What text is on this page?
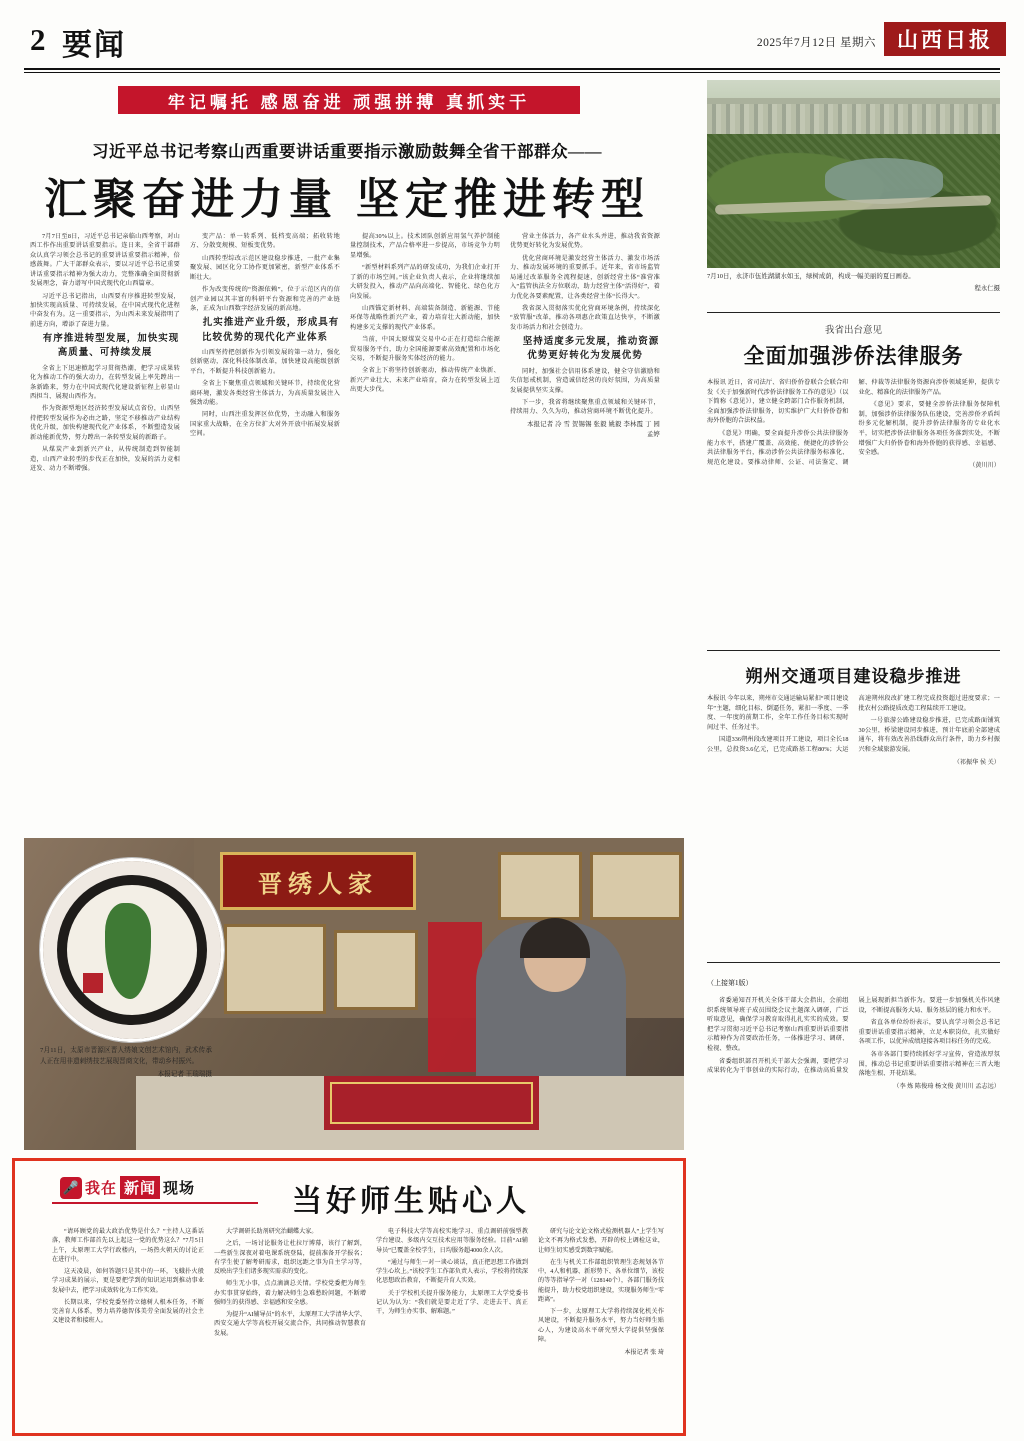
2 要闻	2025年7月12日 星期六	山西日报
牢记嘱托 感恩奋进 顽强拼搏 真抓实干
习近平总书记考察山西重要讲话重要指示激励鼓舞全省干部群众——
汇聚奋进力量 坚定推进转型

7月7日至8日，习近平总书记亲临山西考察，对山西工作作出重要讲话重要指示。连日来，全省干部群众认真学习领会总书记的重要讲话重要指示精神，倍感鼓舞。广大干部群众表示，要以习近平总书记重要讲话重要指示精神为强大动力，完整准确全面贯彻新发展理念，奋力谱写中国式现代化山西篇章。

习近平总书记指出，山西要有序推进转型发展，加快实现高质量、可持续发展，在中国式现代化进程中奋发有为。这一重要指示，为山西未来发展指明了前进方向，增添了奋进力量。

有序推进转型发展，加快实现高质量、可持续发展

全省上下迅速掀起学习贯彻热潮，把学习成果转化为推动工作的强大动力，在转型发展上率先蹚出一条新路来，努力在中国式现代化建设新征程上彰显山西担当、展现山西作为。

作为资源型地区经济转型发展试点省份，山西坚持把转型发展作为必由之路，坚定不移推动产业结构优化升级，加快构建现代化产业体系，不断塑造发展新动能新优势，努力蹚出一条转型发展的新路子。

从煤炭产业到新兴产业，从传统制造到智能制造，山西产业转型的步伐正在加快，发展的活力竞相迸发、动力不断增强。

变产品：单一转系列、低档变高端；拓收转地方、分散变规模、短板变优势。

山西转型综改示范区建设稳步推进，一批产业集聚发展、园区化分工协作更加紧密，新型产业体系不断壮大。

作为改变传统的“资源依赖”，位于示范区内的信创产业园以其丰富的科研平台资源和完善的产业链条，正成为山西数字经济发展的新高地。

扎实推进产业升级，形成具有比较优势的现代化产业体系

山西坚持把创新作为引领发展的第一动力，强化创新驱动，深化科技体制改革，加快建设高能级创新平台，不断提升科技创新能力。

全省上下聚焦重点领域和关键环节，持续优化营商环境，激发各类经营主体活力，为高质量发展注入强劲动能。

同时，山西注重发挥区位优势，主动融入和服务国家重大战略，在全方位扩大对外开放中拓展发展新空间。

提高30%以上。技术团队创新应用氢气养护制能量控制技术，产品合格率进一步提高，市场竞争力明显增强。

“新型材料系列产品的研发成功，为我们企业打开了新的市场空间。”该企业负责人表示，企业将继续加大研发投入，推动产品向高端化、智能化、绿色化方向发展。

山西锚定新材料、高端装备制造、新能源、节能环保等战略性新兴产业，着力培育壮大新动能，加快构建多元支撑的现代产业体系。

当前，中国太原煤炭交易中心正在打造综合能源贸易服务平台，助力全国能源要素高效配置和市场化交易，不断提升服务实体经济的能力。

全省上下将坚持创新驱动，推动传统产业焕新、新兴产业壮大、未来产业培育，奋力在转型发展上迈出更大步伐。

营业主体活力，各产业水头并进，推动我省资源优势更好转化为发展优势。

优化营商环境是激发经营主体活力、激发市场活力、推动发展环境的重要抓手。近年来，省市场监管局通过改革服务全流程提速，创新经营主体“准营准入”监管执法全方位联动，助力经营主体“活得好”，着力优化各要素配置，让各类经营主体“长得大”。

我省深入贯彻落实优化营商环境条例，持续深化“放管服”改革，推动各项惠企政策直达快享，不断激发市场活力和社会创造力。

坚持适度多元发展，推动资源优势更好转化为发展优势

同时，加强社会信用体系建设，健全守信激励和失信惩戒机制，营造诚信经营的良好氛围，为高质量发展提供坚实支撑。

下一步，我省将继续聚焦重点领域和关键环节，持续用力、久久为功，推动营商环境不断优化提升。

本报记者 冷 雪 贺锡锡 张毅 姚毅 李林霞 丁 园 孟婷

7月10日，永济市伍姓湖湖水如玉，绿树成荫，构成一幅美丽的夏日画卷。
程永仁摄
我省出台意见
全面加强涉侨法律服务

本报讯 近日，省司法厅、省归侨侨眷联合会联合印发《关于加强新时代涉侨法律服务工作的意见》（以下简称《意见》），建立健全跨部门合作服务机制，全面加强涉侨法律服务，切实维护广大归侨侨眷和海外侨胞的合法权益。

《意见》明确，要全面提升涉侨公共法律服务能力水平，搭建广覆盖、高效能、便捷化的涉侨公共法律服务平台，推动涉侨公共法律服务标准化、规范化建设。要推动律师、公证、司法鉴定、调解、仲裁等法律服务资源向涉侨领域延伸，提供专业化、精准化的法律服务产品。

《意见》要求，要健全涉侨法律服务保障机制，加强涉侨法律服务队伍建设，完善涉侨矛盾纠纷多元化解机制，提升涉侨法律服务的专业化水平，切实把涉侨法律服务各项任务落到实处，不断增强广大归侨侨眷和海外侨胞的获得感、幸福感、安全感。

（黄川川）

朔州交通项目建设稳步推进

本报讯 今年以来，朔州市交通运输局紧扣“项目建设年”主题，细化目标、倒逼任务，紧扣一季度、一季度、一年度的前期工作，全年工作任务目标实现时间过半、任务过半。

国道336朔州段改建项目开工建设，项目全长18公里，总投资3.6亿元，已完成路基工程80%；大运高速朔州段改扩建工程完成投资超过进度要求；一批农村公路提质改造工程陆续开工建设。

一号旅游公路建设稳步推进，已完成路面铺筑30公里，桥梁建设同步推进，预计年底前全部建成通车，将有效改善沿线群众出行条件，助力乡村振兴和全域旅游发展。

（祁振华 侯 关）

（上接第1版）

省委通知召开机关全体干部大会指出，会前组织系统领导班子成员围绕会议主题深入调研，广泛听取意见，确保学习教育取得扎扎实实的成效。要把学习贯彻习近平总书记考察山西重要讲话重要指示精神作为首要政治任务，一体推进学习、调研、检视、整改。

省委组织部召开机关干部大会强调，要把学习成果转化为干事创业的实际行动，在推动高质量发展上展现新担当新作为。要进一步加强机关作风建设，不断提高服务大局、服务基层的能力和水平。

省直各单位纷纷表示，要认真学习领会总书记重要讲话重要指示精神，立足本职岗位，扎实做好各项工作，以优异成绩迎接各项目标任务的完成。

各市各部门要持续抓好学习宣传，营造浓厚氛围，推动总书记重要讲话重要指示精神在三晋大地落地生根、开花结果。

（李 炼 陈俊琦 杨文俊 黄川川 孟志远）

晋绣人家
7月11日，太原市晋源区晋人绣娘文创艺术馆内，武术传承人正在用非遗刺绣技艺展现晋商文化，带动乡村振兴。
本报记者 王瑞瑞摄
🎤 我在 新闻 现场	当好师生贴心人

“请环顾党的最大政治优势是什么？”主持人这番话落，教师工作部首先以上起这一党的优势这么？”7月5日上午，太原理工大学行政楼内，一场热火朝天的讨论正在进行中。

这天凌晨，如何答题只是其中的一环，飞蛾扑火般学习成果的展示，更是要把学到的知识运用到推动事业发展中去，把学习成效转化为工作实效。

长期以来，学校党委坚持立德树人根本任务，不断完善育人体系，努力培养德智体美劳全面发展的社会主义建设者和接班人。

大学调研长助剂研究治蝴蝶大家。

之后，一场讨论服务让杜拉厅博幕，该行了解到，一些新生深夜对着电课系统登陆，提前准备开学报名；有学生使了解考研需求，组织远距之事为自主学习等，反映出学生们诸多现实需求的变化。

师生无小事，点点滴滴总关情。学校党委把为师生办实事贯穿始终，着力解决师生急难愁盼问题，不断增强师生的获得感、幸福感和安全感。

为提升“AI辅导员”的水平，太原理工大学清华大学、西安交通大学等高校开展交流合作，共同推动智慧教育发展。

电子科技大学等高校实地学习、重点调研前强型教学台建设、多级内交互技术应用等服务经验。目前“AI辅导员”已覆盖全校学生，日均服务超4000余人次。

“通过与师生一对一谈心谈话，真正把思想工作做到学生心坎上。”该校学生工作部负责人表示，学校将持续深化思想政治教育，不断提升育人实效。

关于学校机关提升服务能力，太原理工大学党委书记认为认为：“我们就是要走近了学、走进去干、真正干，为师生办实事、解难题。”

研究与论文论文格式检测机器人”上学生写论文不再为格式发愁，开辟的校上调检这业，让师生切实感受到数字赋能。

在生与机关工作部组织管理生态规划各节中，4人和机器、新形势下、各单位细节，该校的等等指导学一对（128140个），各部门服务技能提升，助力校党组织建设，实现服务师生“零距离”。

下一步，太原理工大学将持续深化机关作风建设，不断提升服务水平，努力当好师生贴心人，为建设高水平研究型大学提供坚强保障。

本报记者 张 琦
